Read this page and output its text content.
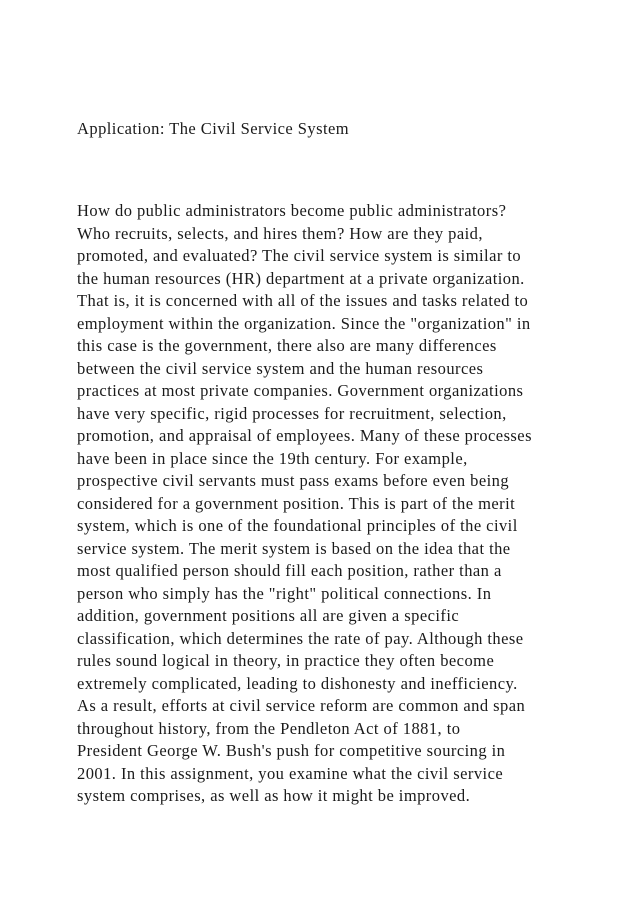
Application: The Civil Service System
How do public administrators become public administrators?
Who recruits, selects, and hires them? How are they paid,
promoted, and evaluated? The civil service system is similar to
the human resources (HR) department at a private organization.
That is, it is concerned with all of the issues and tasks related to
employment within the organization. Since the "organization" in
this case is the government, there also are many differences
between the civil service system and the human resources
practices at most private companies. Government organizations
have very specific, rigid processes for recruitment, selection,
promotion, and appraisal of employees. Many of these processes
have been in place since the 19th century. For example,
prospective civil servants must pass exams before even being
considered for a government position. This is part of the merit
system, which is one of the foundational principles of the civil
service system. The merit system is based on the idea that the
most qualified person should fill each position, rather than a
person who simply has the "right" political connections. In
addition, government positions all are given a specific
classification, which determines the rate of pay. Although these
rules sound logical in theory, in practice they often become
extremely complicated, leading to dishonesty and inefficiency.
As a result, efforts at civil service reform are common and span
throughout history, from the Pendleton Act of 1881, to
President George W. Bush's push for competitive sourcing in
2001. In this assignment, you examine what the civil service
system comprises, as well as how it might be improved.
